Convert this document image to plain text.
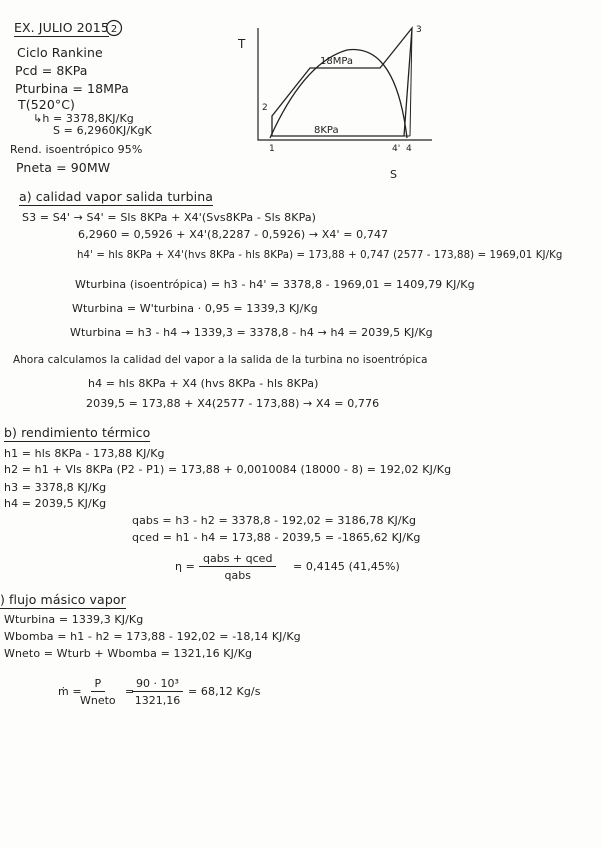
EX. JULIO 2015 2
Ciclo Rankine
Pcd = 8KPa
Pturbina = 18MPa
T(520°C)
↳h = 3378,8KJ/Kg
S = 6,2960KJ/KgK
Rend. isoentrópico 95%
Pneta = 90MW
T
S
18MPa
8KPa
2
1
3
4' 4
a) calidad vapor salida turbina
S3 = S4' → S4' = Sls 8KPa + X4'(Svs8KPa - Sls 8KPa)
6,2960 = 0,5926 + X4'(8,2287 - 0,5926) → X4' = 0,747
h4' = hls 8KPa + X4'(hvs 8KPa - hls 8KPa) = 173,88 + 0,747 (2577 - 173,88) = 1969,01 KJ/Kg
Wturbina (isoentrópica) = h3 - h4' = 3378,8 - 1969,01 = 1409,79 KJ/Kg
Wturbina = W'turbina · 0,95 = 1339,3 KJ/Kg
Wturbina = h3 - h4 → 1339,3 = 3378,8 - h4 → h4 = 2039,5 KJ/Kg
Ahora calculamos la calidad del vapor a la salida de la turbina no isoentrópica
h4 = hls 8KPa + X4 (hvs 8KPa - hls 8KPa)
2039,5 = 173,88 + X4(2577 - 173,88) → X4 = 0,776
b) rendimiento térmico
h1 = hls 8KPa - 173,88 KJ/Kg
h2 = h1 + Vls 8KPa (P2 - P1) = 173,88 + 0,0010084 (18000 - 8) = 192,02 KJ/Kg
h3 = 3378,8 KJ/Kg
h4 = 2039,5 KJ/Kg
qabs = h3 - h2 = 3378,8 - 192,02 = 3186,78 KJ/Kg
qced = h1 - h4 = 173,88 - 2039,5 = -1865,62 KJ/Kg
η =
qabs + qced
qabs
= 0,4145 (41,45%)
) flujo másico vapor
Wturbina = 1339,3 KJ/Kg
Wbomba = h1 - h2 = 173,88 - 192,02 = -18,14 KJ/Kg
Wneto = Wturb + Wbomba = 1321,16 KJ/Kg
ṁ =
P
Wneto
=
$\frac{\text{90 · 10³}}{1321,16} = 68,12$ Kg/s
